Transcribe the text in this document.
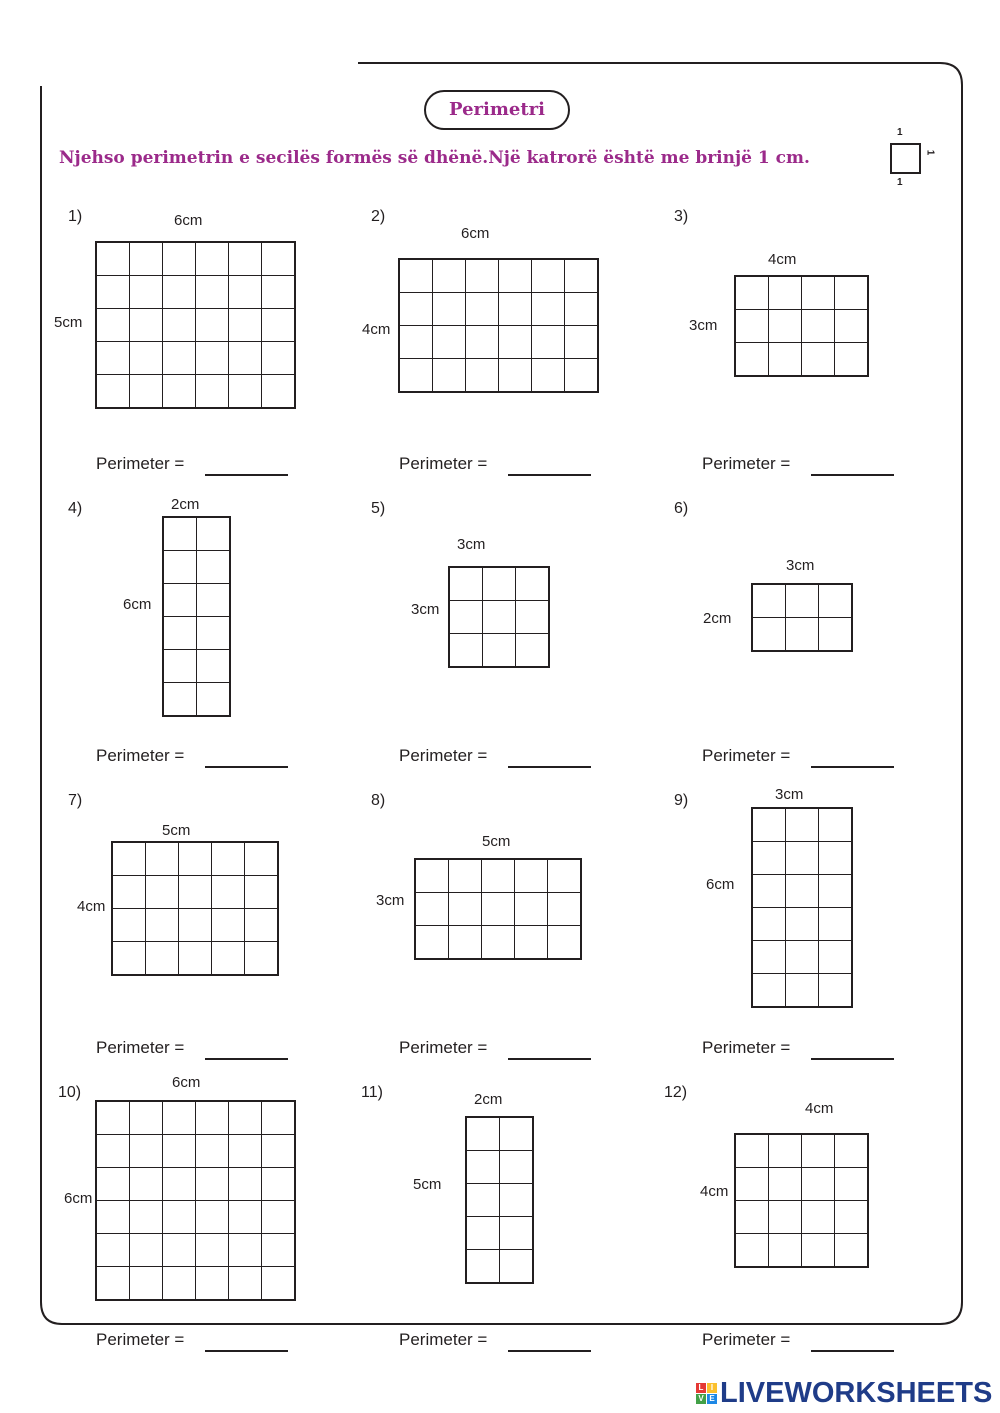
Perimetri
Njehso perimetrin e secilës formës së dhënë.Një katrorë është me brinjë 1 cm.
1
1
1
1)	6cm
5cm

Perimeter =
2)
6cm
4cm

Perimeter =
3)
4cm
3cm

Perimeter =
4)	2cm
6cm

Perimeter =
5)
3cm
3cm

Perimeter =
6)
3cm
2cm

Perimeter =
7)
5cm
4cm

Perimeter =
8)
5cm
3cm

Perimeter =
9)	3cm
6cm

Perimeter =
10)
6cm
6cm

Perimeter =
11)	2cm
5cm

Perimeter =
12)
4cm
4cm

Perimeter =
L I
V E LIVEWORKSHEETS
